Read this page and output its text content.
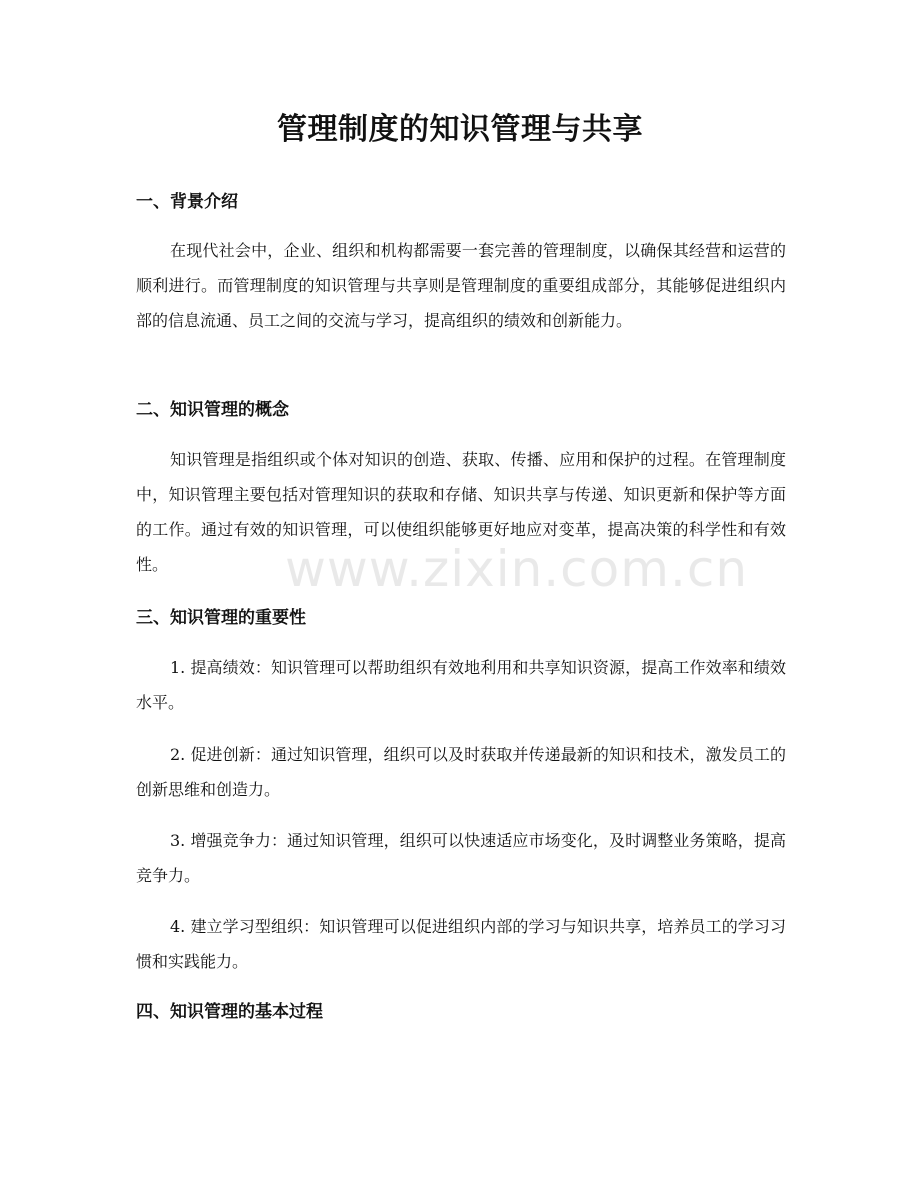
管理制度的知识管理与共享
一、背景介绍

在现代社会中，企业、组织和机构都需要一套完善的管理制度，以确保其经营和运营的顺利进行。而管理制度的知识管理与共享则是管理制度的重要组成部分，其能够促进组织内部的信息流通、员工之间的交流与学习，提高组织的绩效和创新能力。

二、知识管理的概念

知识管理是指组织或个体对知识的创造、获取、传播、应用和保护的过程。在管理制度中，知识管理主要包括对管理知识的获取和存储、知识共享与传递、知识更新和保护等方面的工作。通过有效的知识管理，可以使组织能够更好地应对变革，提高决策的科学性和有效性。

三、知识管理的重要性

1. 提高绩效：知识管理可以帮助组织有效地利用和共享知识资源，提高工作效率和绩效水平。

2. 促进创新：通过知识管理，组织可以及时获取并传递最新的知识和技术，激发员工的创新思维和创造力。

3. 增强竞争力：通过知识管理，组织可以快速适应市场变化，及时调整业务策略，提高竞争力。

4. 建立学习型组织：知识管理可以促进组织内部的学习与知识共享，培养员工的学习习惯和实践能力。

四、知识管理的基本过程
www.zixin.com.cn
